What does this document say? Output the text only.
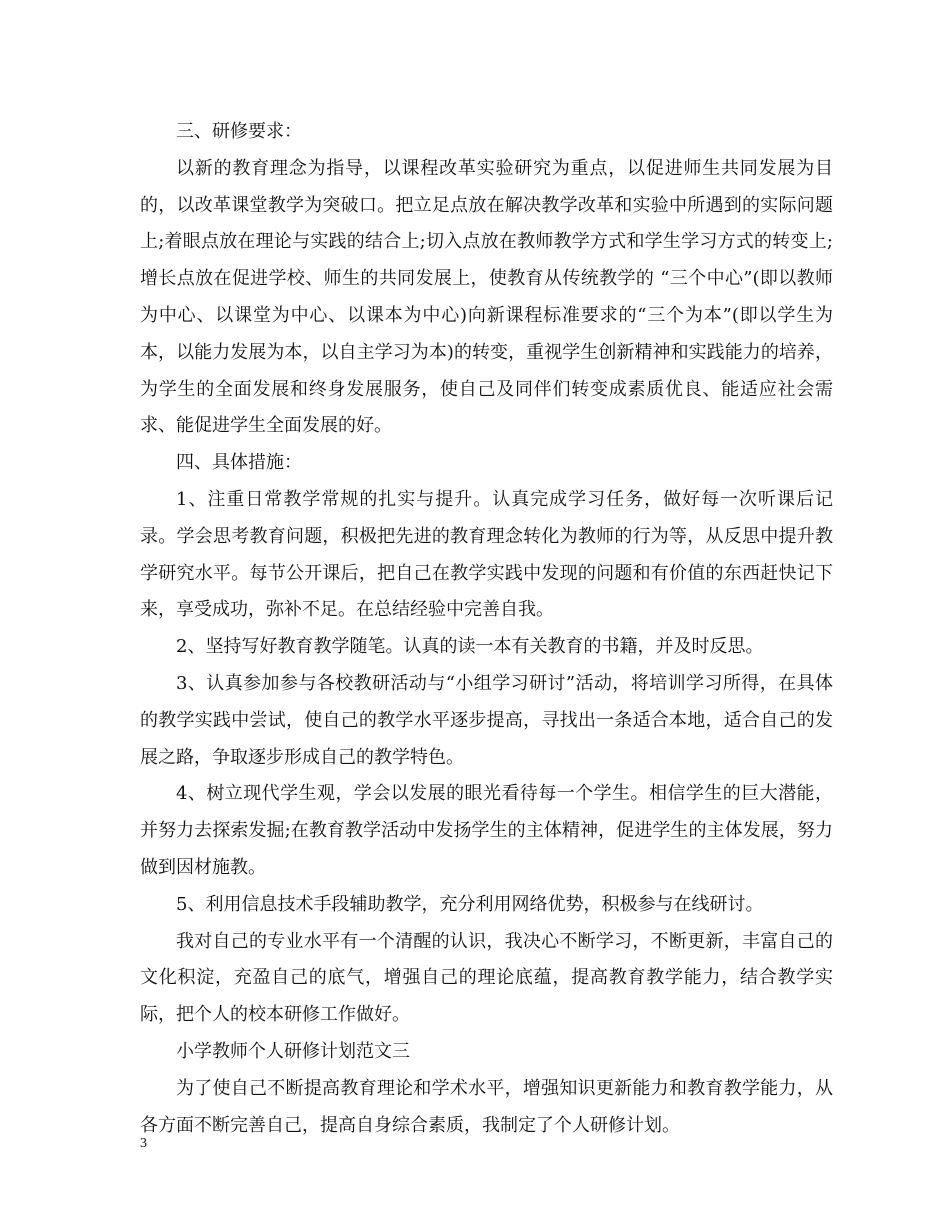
三、研修要求：

以新的教育理念为指导，以课程改革实验研究为重点，以促进师生共同发展为目的，以改革课堂教学为突破口。把立足点放在解决教学改革和实验中所遇到的实际问题上;着眼点放在理论与实践的结合上;切入点放在教师教学方式和学生学习方式的转变上;增长点放在促进学校、师生的共同发展上，使教育从传统教学的 “三个中心”(即以教师为中心、以课堂为中心、以课本为中心)向新课程标准要求的“三个为本”(即以学生为本，以能力发展为本，以自主学习为本)的转变，重视学生创新精神和实践能力的培养，为学生的全面发展和终身发展服务，使自己及同伴们转变成素质优良、能适应社会需求、能促进学生全面发展的好。

四、具体措施：

1、注重日常教学常规的扎实与提升。认真完成学习任务，做好每一次听课后记录。学会思考教育问题，积极把先进的教育理念转化为教师的行为等，从反思中提升教学研究水平。每节公开课后，把自己在教学实践中发现的问题和有价值的东西赶快记下来，享受成功，弥补不足。在总结经验中完善自我。

2、坚持写好教育教学随笔。认真的读一本有关教育的书籍，并及时反思。

3、认真参加参与各校教研活动与“小组学习研讨”活动，将培训学习所得，在具体的教学实践中尝试，使自己的教学水平逐步提高，寻找出一条适合本地，适合自己的发展之路，争取逐步形成自己的教学特色。

4、树立现代学生观，学会以发展的眼光看待每一个学生。相信学生的巨大潜能，并努力去探索发掘;在教育教学活动中发扬学生的主体精神，促进学生的主体发展，努力做到因材施教。

5、利用信息技术手段辅助教学，充分利用网络优势，积极参与在线研讨。

我对自己的专业水平有一个清醒的认识，我决心不断学习，不断更新，丰富自己的文化积淀，充盈自己的底气，增强自己的理论底蕴，提高教育教学能力，结合教学实际，把个人的校本研修工作做好。

小学教师个人研修计划范文三

为了使自己不断提高教育理论和学术水平，增强知识更新能力和教育教学能力，从各方面不断完善自己，提高自身综合素质，我制定了个人研修计划。

3
